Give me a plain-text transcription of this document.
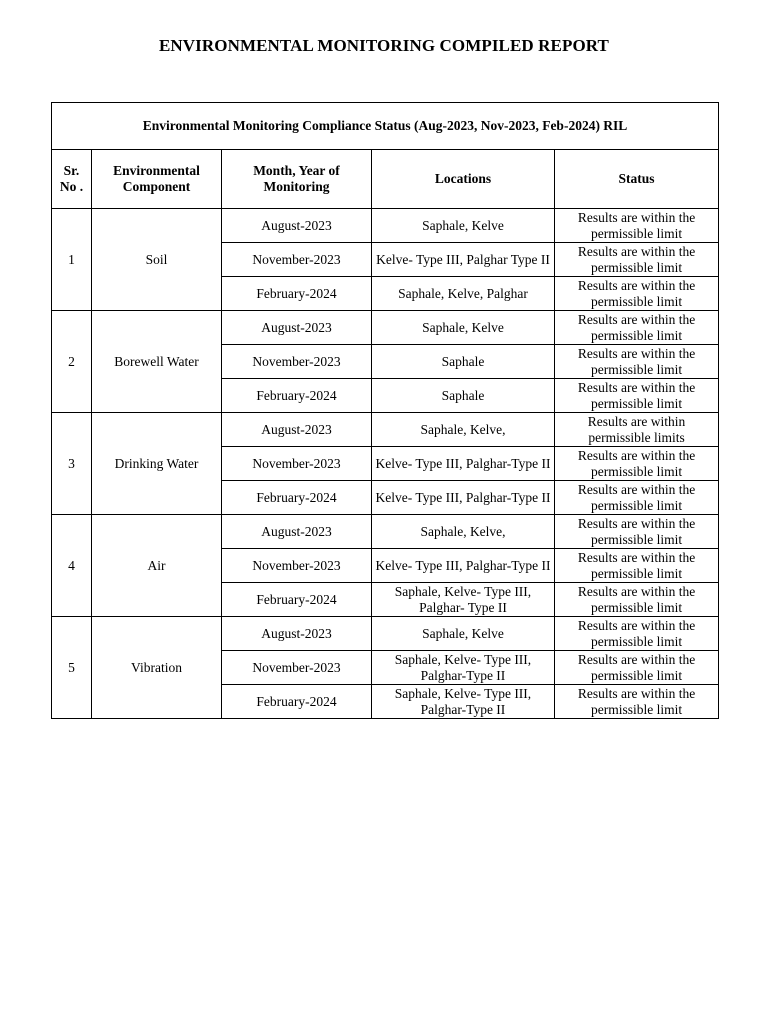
ENVIRONMENTAL MONITORING COMPILED REPORT
Environmental Monitoring Compliance Status (Aug-2023, Nov-2023, Feb-2024) RIL				
Sr. No .	Environmental Component	Month, Year of Monitoring	Locations	Status
1	Soil	August-2023	Saphale, Kelve	Results are within the permissible limit
		November-2023	Kelve- Type III, Palghar Type II	Results are within the permissible limit
		February-2024	Saphale, Kelve, Palghar	Results are within the permissible limit
2	Borewell Water	August-2023	Saphale, Kelve	Results are within the permissible limit
		November-2023	Saphale	Results are within the permissible limit
		February-2024	Saphale	Results are within the permissible limit
3	Drinking Water	August-2023	Saphale, Kelve,	Results are within permissible limits
		November-2023	Kelve- Type III, Palghar-Type II	Results are within the permissible limit
		February-2024	Kelve- Type III, Palghar-Type II	Results are within the permissible limit
4	Air	August-2023	Saphale, Kelve,	Results are within the permissible limit
		November-2023	Kelve- Type III, Palghar-Type II	Results are within the permissible limit
		February-2024	Saphale, Kelve- Type III, Palghar- Type II	Results are within the permissible limit
5	Vibration	August-2023	Saphale, Kelve	Results are within the permissible limit
		November-2023	Saphale, Kelve- Type III, Palghar-Type II	Results are within the permissible limit
		February-2024	Saphale, Kelve- Type III, Palghar-Type II	Results are within the permissible limit
